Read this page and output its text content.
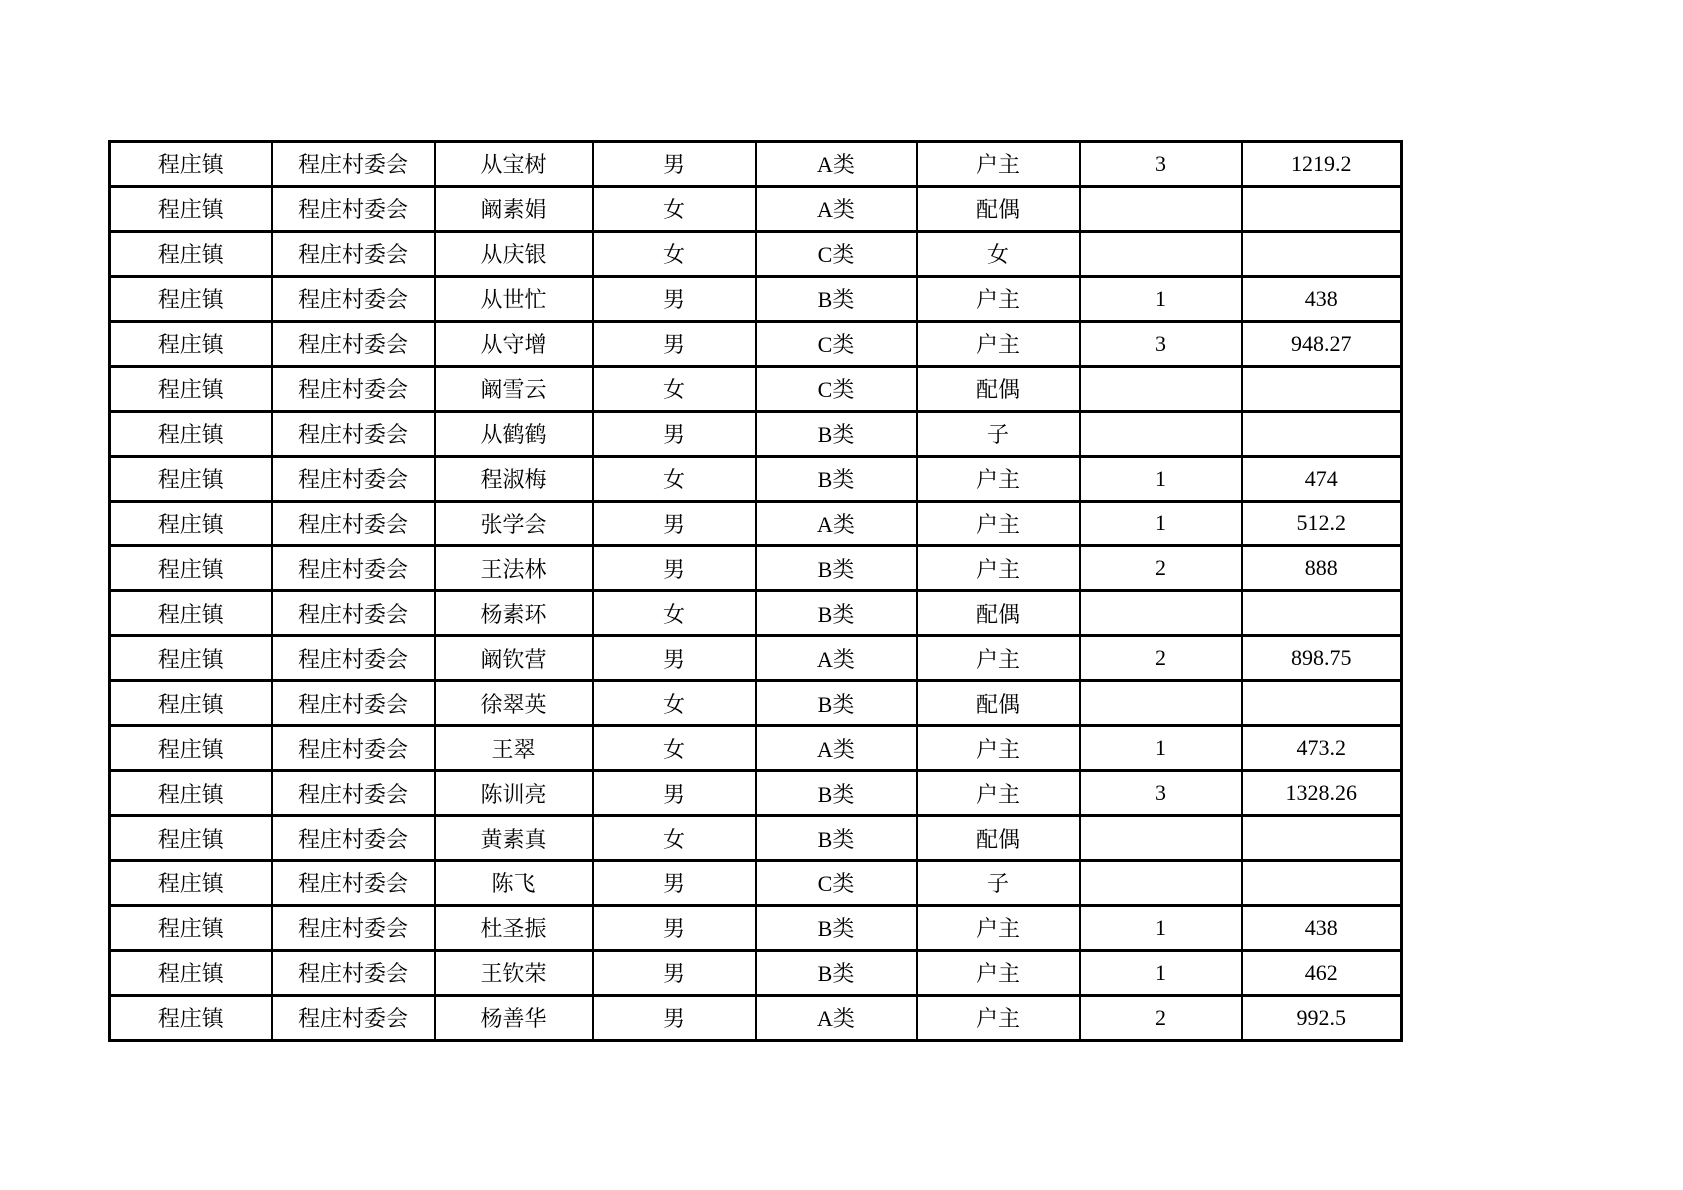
程庄镇	程庄村委会	从宝树	男	A类	户主	3	1219.2
程庄镇	程庄村委会	阚素娟	女	A类	配偶		
程庄镇	程庄村委会	从庆银	女	C类	女		
程庄镇	程庄村委会	从世忙	男	B类	户主	1	438
程庄镇	程庄村委会	从守增	男	C类	户主	3	948.27
程庄镇	程庄村委会	阚雪云	女	C类	配偶		
程庄镇	程庄村委会	从鹤鹤	男	B类	子		
程庄镇	程庄村委会	程淑梅	女	B类	户主	1	474
程庄镇	程庄村委会	张学会	男	A类	户主	1	512.2
程庄镇	程庄村委会	王法林	男	B类	户主	2	888
程庄镇	程庄村委会	杨素环	女	B类	配偶		
程庄镇	程庄村委会	阚钦营	男	A类	户主	2	898.75
程庄镇	程庄村委会	徐翠英	女	B类	配偶		
程庄镇	程庄村委会	王翠	女	A类	户主	1	473.2
程庄镇	程庄村委会	陈训亮	男	B类	户主	3	1328.26
程庄镇	程庄村委会	黄素真	女	B类	配偶		
程庄镇	程庄村委会	陈飞	男	C类	子		
程庄镇	程庄村委会	杜圣振	男	B类	户主	1	438
程庄镇	程庄村委会	王钦荣	男	B类	户主	1	462
程庄镇	程庄村委会	杨善华	男	A类	户主	2	992.5
